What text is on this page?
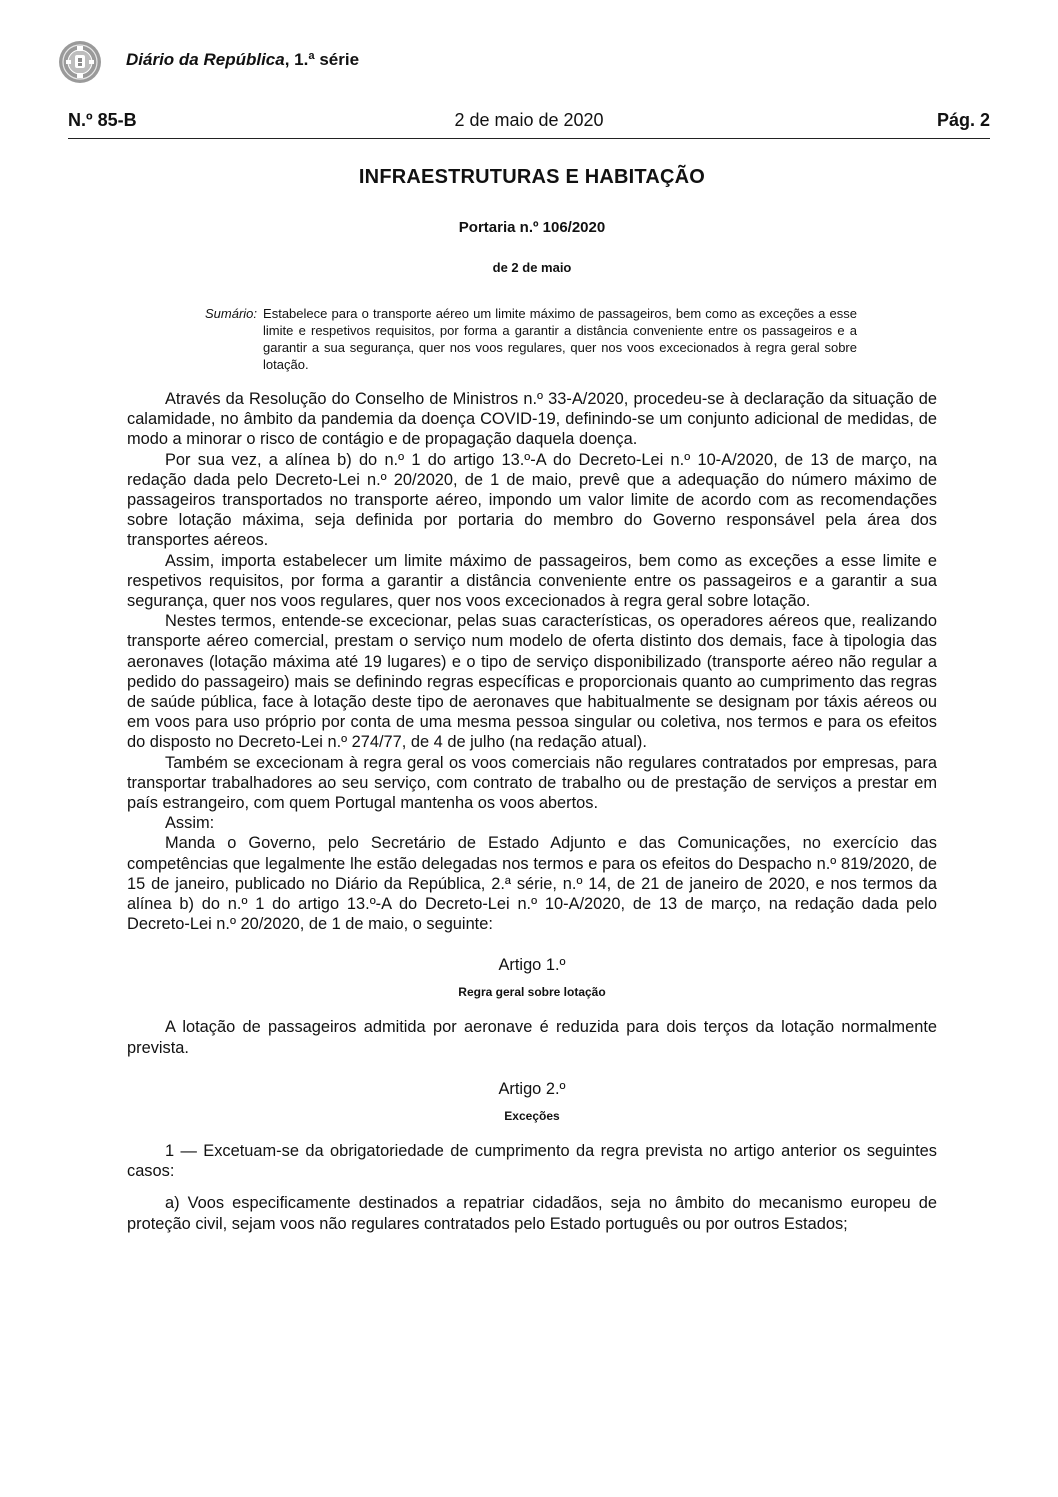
Diário da República, 1.ª série
2 de maio de 2020
N.º 85-B	Pág. 2
INFRAESTRUTURAS E HABITAÇÃO
Portaria n.º 106/2020
de 2 de maio
Sumário: Estabelece para o transporte aéreo um limite máximo de passageiros, bem como as exceções a esse limite e respetivos requisitos, por forma a garantir a distância conveniente entre os passageiros e a garantir a sua segurança, quer nos voos regulares, quer nos voos excecionados à regra geral sobre lotação.

Através da Resolução do Conselho de Ministros n.º 33-A/2020, procedeu-se à declaração da situação de calamidade, no âmbito da pandemia da doença COVID-19, definindo-se um conjunto adicional de medidas, de modo a minorar o risco de contágio e de propagação daquela doença.

Por sua vez, a alínea b) do n.º 1 do artigo 13.º-A do Decreto-Lei n.º 10-A/2020, de 13 de março, na redação dada pelo Decreto-Lei n.º 20/2020, de 1 de maio, prevê que a adequação do número máximo de passageiros transportados no transporte aéreo, impondo um valor limite de acordo com as recomendações sobre lotação máxima, seja definida por portaria do membro do Governo responsável pela área dos transportes aéreos.

Assim, importa estabelecer um limite máximo de passageiros, bem como as exceções a esse limite e respetivos requisitos, por forma a garantir a distância conveniente entre os passageiros e a garantir a sua segurança, quer nos voos regulares, quer nos voos excecionados à regra geral sobre lotação.

Nestes termos, entende-se excecionar, pelas suas características, os operadores aéreos que, realizando transporte aéreo comercial, prestam o serviço num modelo de oferta distinto dos demais, face à tipologia das aeronaves (lotação máxima até 19 lugares) e o tipo de serviço disponibilizado (transporte aéreo não regular a pedido do passageiro) mais se definindo regras específicas e proporcionais quanto ao cumprimento das regras de saúde pública, face à lotação deste tipo de aeronaves que habitualmente se designam por táxis aéreos ou em voos para uso próprio por conta de uma mesma pessoa singular ou coletiva, nos termos e para os efeitos do disposto no Decreto-Lei n.º 274/77, de 4 de julho (na redação atual).

Também se excecionam à regra geral os voos comerciais não regulares contratados por empresas, para transportar trabalhadores ao seu serviço, com contrato de trabalho ou de prestação de serviços a prestar em país estrangeiro, com quem Portugal mantenha os voos abertos.

Assim:

Manda o Governo, pelo Secretário de Estado Adjunto e das Comunicações, no exercício das competências que legalmente lhe estão delegadas nos termos e para os efeitos do Despacho n.º 819/2020, de 15 de janeiro, publicado no Diário da República, 2.ª série, n.º 14, de 21 de janeiro de 2020, e nos termos da alínea b) do n.º 1 do artigo 13.º-A do Decreto-Lei n.º 10-A/2020, de 13 de março, na redação dada pelo Decreto-Lei n.º 20/2020, de 1 de maio, o seguinte:

Artigo 1.º
Regra geral sobre lotação

A lotação de passageiros admitida por aeronave é reduzida para dois terços da lotação normalmente prevista.

Artigo 2.º
Exceções

1 — Excetuam-se da obrigatoriedade de cumprimento da regra prevista no artigo anterior os seguintes casos:

a) Voos especificamente destinados a repatriar cidadãos, seja no âmbito do mecanismo europeu de proteção civil, sejam voos não regulares contratados pelo Estado português ou por outros Estados;
